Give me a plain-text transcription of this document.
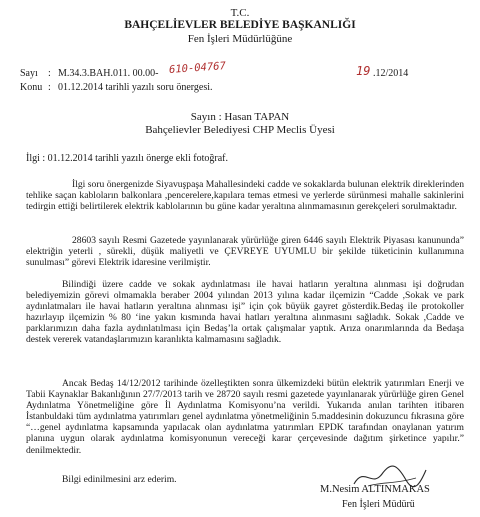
T.C.
BAHÇELİEVLER BELEDİYE BAŞKANLIĞI
Fen İşleri Müdürlüğüne
Sayı : M.34.3.BAH.011. 00.00- 610-04767	19 .12/2014
Konu : 01.12.2014 tarihli yazılı soru önergesi.
Sayın : Hasan TAPAN
Bahçelievler Belediyesi CHP Meclis Üyesi
İlgi : 01.12.2014 tarihli yazılı önerge ekli fotoğraf.
İlgi soru önergenizde Siyavuşpaşa Mahallesindeki cadde ve sokaklarda bulunan elektrik direklerinden tehlike saçan kabloların balkonlara ,pencerelere,kapılara temas etmesi ve yerlerde sürünmesi mahalle sakinlerini tedirgin ettiği belirtilerek elektrik kablolarının bu güne kadar yeraltına alınmamasının gerekçeleri sorulmaktadır.
28603 sayılı Resmi Gazetede yayınlanarak yürürlüğe giren 6446 sayılı Elektrik Piyasası kanununda” elektriğin yeterli , sürekli, düşük maliyetli ve ÇEVREYE UYUMLU bir şekilde tüketicinin kullanımına sunulması” görevi Elektrik idaresine verilmiştir.
Bilindiği üzere cadde ve sokak aydınlatması ile havai hatların yeraltına alınması işi doğrudan belediyemizin görevi olmamakla beraber 2004 yılından 2013 yılına kadar ilçemizin “Cadde ,Sokak ve park aydınlatmaları ile havai hatların yeraltına alınması işi” için çok büyük gayret gösterdik.Bedaş ile protokoller hazırlayıp ilçemizin % 80 ‘ine yakın kısmında havai hatları yeraltına alınmasını sağladık. Sokak ,Cadde ve parklarımızın daha fazla aydınlatılması için Bedaş’la ortak çalışmalar yaptık. Arıza onarımlarında da Bedaşa destek vererek vatandaşlarımızın karanlıkta kalmamasını sağladık.
Ancak Bedaş 14/12/2012 tarihinde özelleştikten sonra ülkemizdeki bütün elektrik yatırımları Enerji ve Tabii Kaynaklar Bakanlığının 27/7/2013 tarih ve 28720 sayılı resmi gazetede yayınlanarak yürürlüğe giren Genel Aydınlatma Yönetmeliğine göre İl Aydınlatma Komisyonu’na verildi. Yukarıda anılan tarihten itibaren İstanbuldaki tüm aydınlatma yatırımları genel aydınlatma yönetmeliğinin 5.maddesinin dokuzuncu fıkrasına göre “…genel aydınlatma kapsamında yapılacak olan aydınlatma yatırımları EPDK tarafından onaylanan yatırım planına uygun olarak aydınlatma komisyonunun vereceği karar çerçevesinde dağıtım şirketince yapılır.” denilmektedir.
Bilgi edinilmesini arz ederim.
M.Nesim ALTINMAKAS
Fen İşleri Müdürü
